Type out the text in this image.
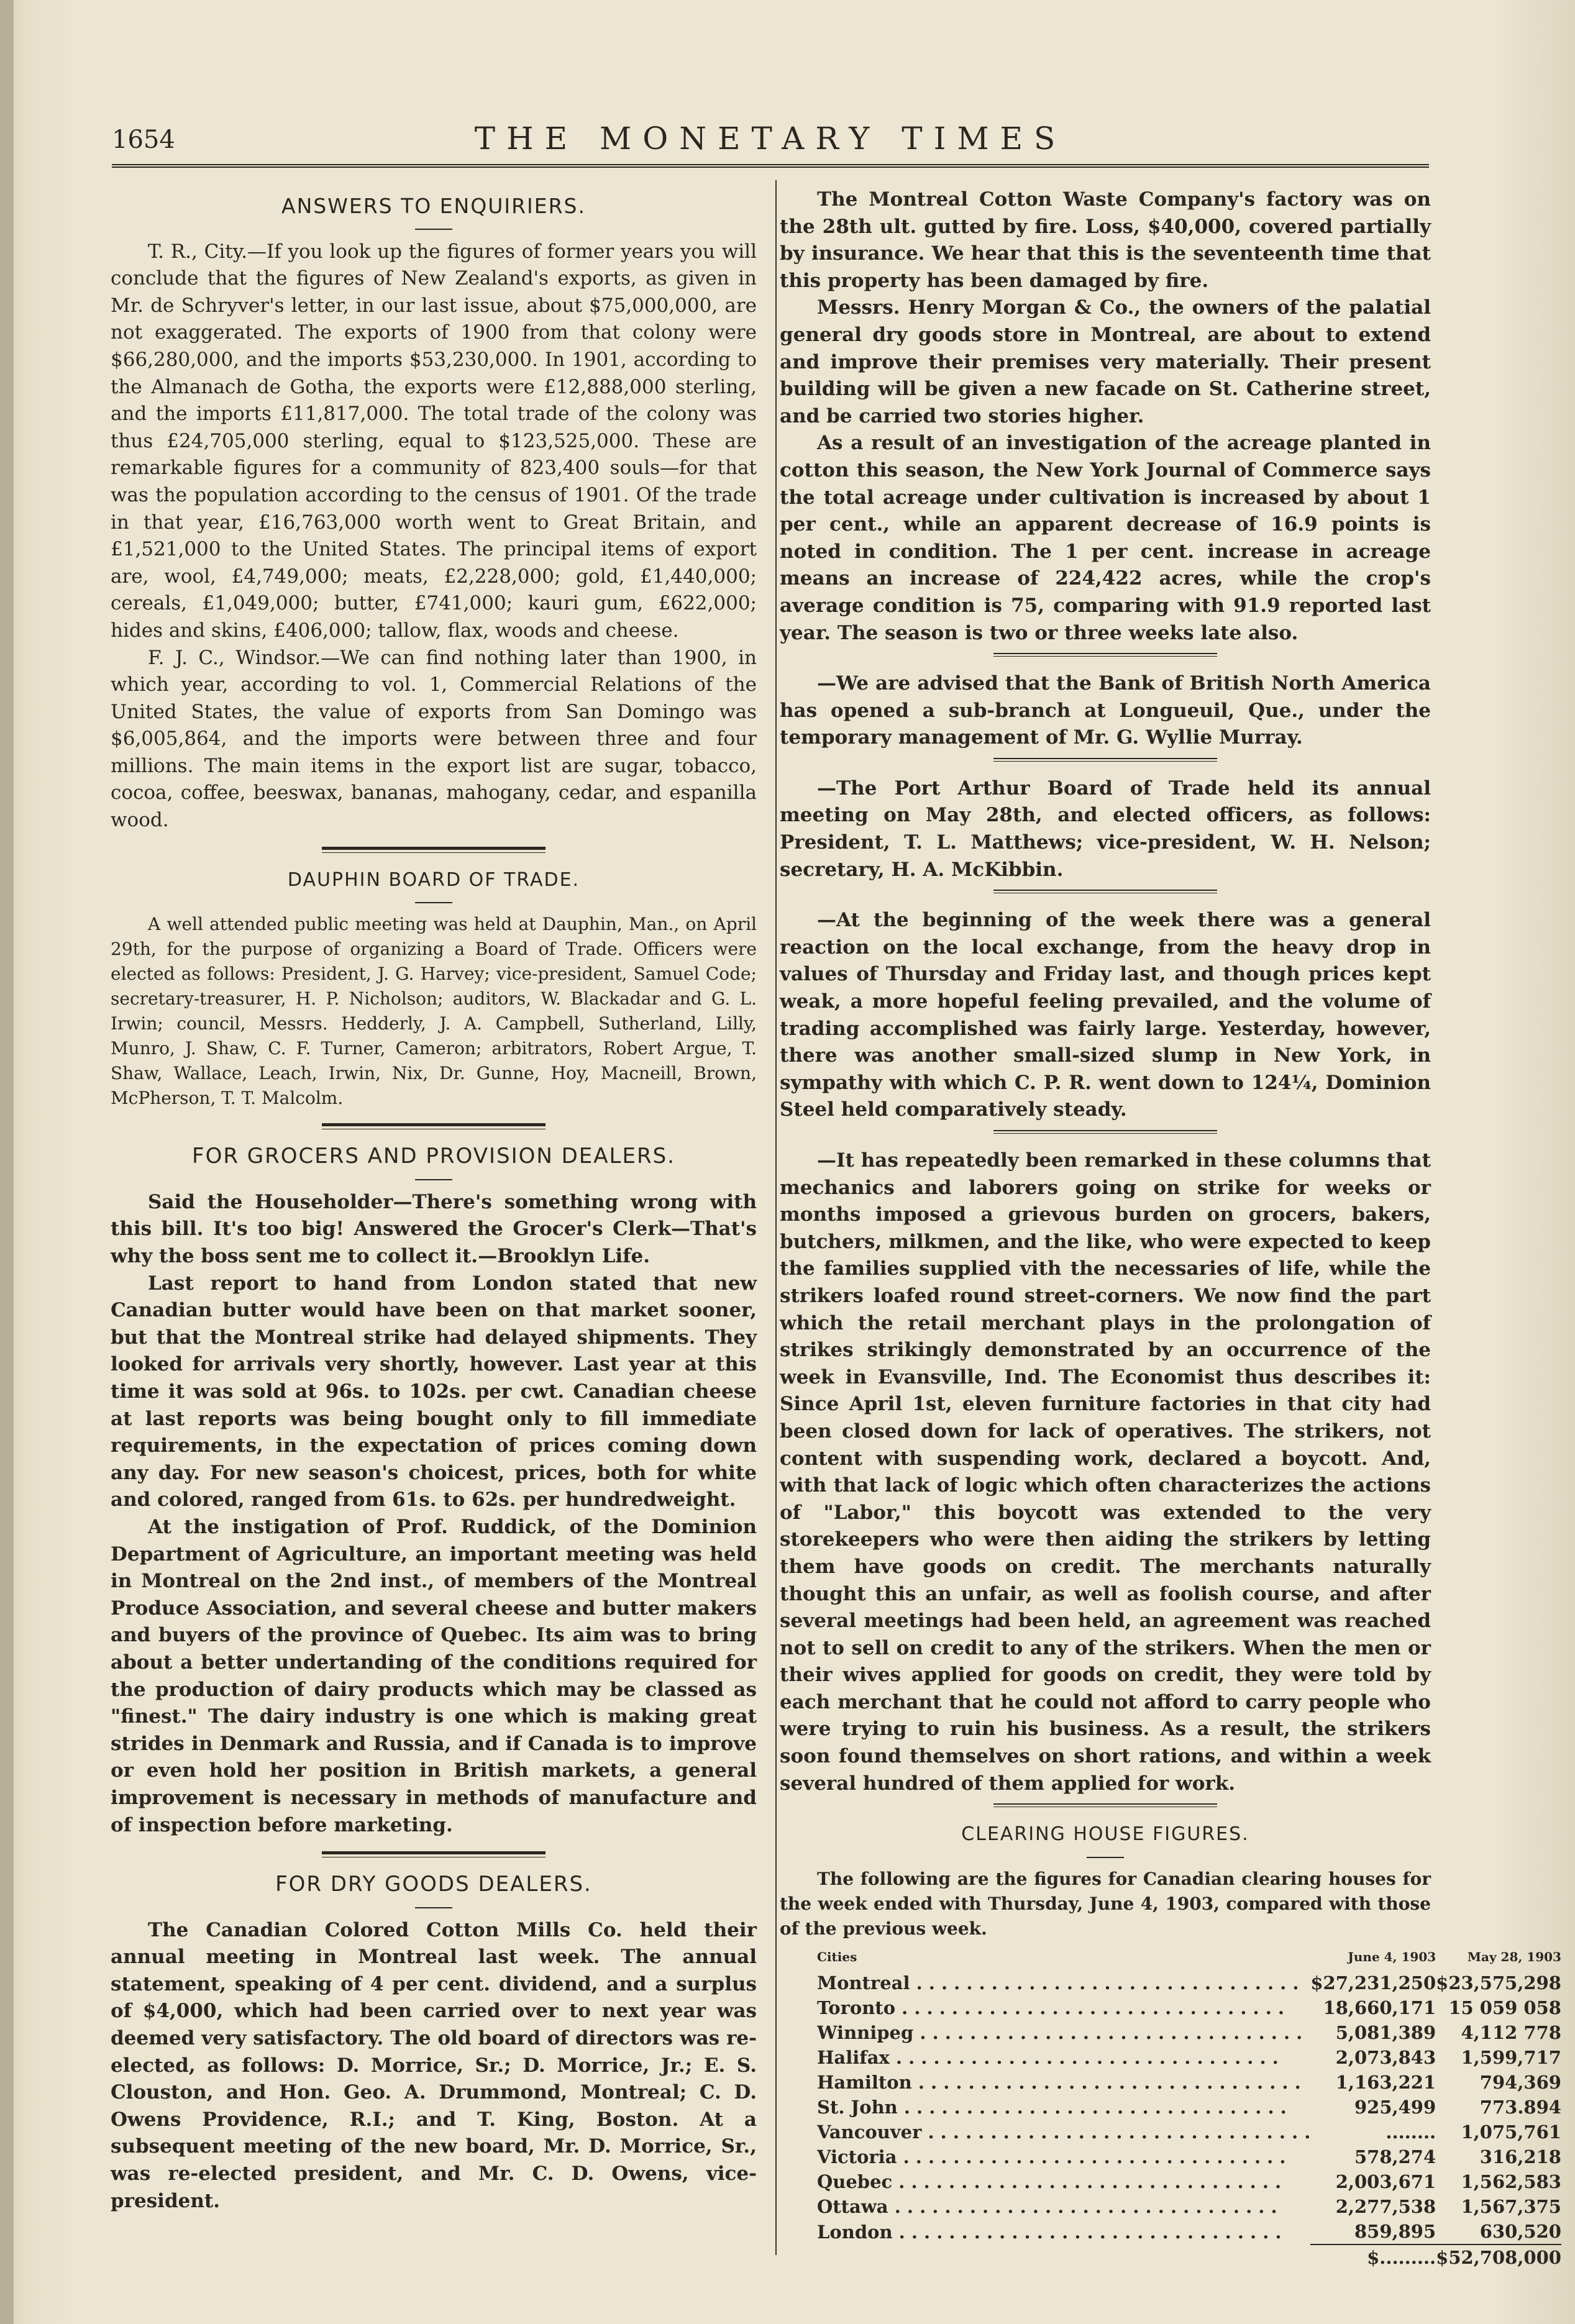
1654	THE MONETARY TIMES
ANSWERS TO ENQUIRIERS.

T. R., City.—If you look up the figures of former years you will conclude that the figures of New Zealand's exports, as given in Mr. de Schryver's letter, in our last issue, about $75,000,000, are not exaggerated. The exports of 1900 from that colony were $66,280,000, and the imports $53,230,000. In 1901, according to the Almanach de Gotha, the exports were £12,888,000 sterling, and the imports £11,817,000. The total trade of the colony was thus £24,705,000 sterling, equal to $123,525,000. These are remarkable figures for a community of 823,400 souls—for that was the population according to the census of 1901. Of the trade in that year, £16,763,000 worth went to Great Britain, and £1,521,000 to the United States. The principal items of export are, wool, £4,749,000; meats, £2,228,000; gold, £1,440,000; cereals, £1,049,000; butter, £741,000; kauri gum, £622,000; hides and skins, £406,000; tallow, flax, woods and cheese.

F. J. C., Windsor.—We can find nothing later than 1900, in which year, according to vol. 1, Commercial Relations of the United States, the value of exports from San Domingo was $6,005,864, and the imports were between three and four millions. The main items in the export list are sugar, tobacco, cocoa, coffee, beeswax, bananas, mahogany, cedar, and espanilla wood.

DAUPHIN BOARD OF TRADE.

A well attended public meeting was held at Dauphin, Man., on April 29th, for the purpose of organizing a Board of Trade. Officers were elected as follows: President, J. G. Harvey; vice-president, Samuel Code; secretary-treasurer, H. P. Nicholson; auditors, W. Blackadar and G. L. Irwin; council, Messrs. Hedderly, J. A. Campbell, Sutherland, Lilly, Munro, J. Shaw, C. F. Turner, Cameron; arbitrators, Robert Argue, T. Shaw, Wallace, Leach, Irwin, Nix, Dr. Gunne, Hoy, Macneill, Brown, McPherson, T. T. Malcolm.

FOR GROCERS AND PROVISION DEALERS.

Said the Householder—There's something wrong with this bill. It's too big! Answered the Grocer's Clerk—That's why the boss sent me to collect it.—Brooklyn Life.

Last report to hand from London stated that new Canadian butter would have been on that market sooner, but that the Montreal strike had delayed shipments. They looked for arrivals very shortly, however. Last year at this time it was sold at 96s. to 102s. per cwt. Canadian cheese at last reports was being bought only to fill immediate requirements, in the expectation of prices coming down any day. For new season's choicest, prices, both for white and colored, ranged from 61s. to 62s. per hundredweight.

At the instigation of Prof. Ruddick, of the Dominion Department of Agriculture, an important meeting was held in Montreal on the 2nd inst., of members of the Montreal Produce Association, and several cheese and butter makers and buyers of the province of Quebec. Its aim was to bring about a better undertanding of the conditions required for the production of dairy products which may be classed as "finest." The dairy industry is one which is making great strides in Denmark and Russia, and if Canada is to improve or even hold her position in British markets, a general improvement is necessary in methods of manufacture and of inspection before marketing.

FOR DRY GOODS DEALERS.

The Canadian Colored Cotton Mills Co. held their annual meeting in Montreal last week. The annual statement, speaking of 4 per cent. dividend, and a surplus of $4,000, which had been carried over to next year was deemed very satisfactory. The old board of directors was re-elected, as follows: D. Morrice, Sr.; D. Morrice, Jr.; E. S. Clouston, and Hon. Geo. A. Drummond, Montreal; C. D. Owens Providence, R.I.; and T. King, Boston. At a subsequent meeting of the new board, Mr. D. Morrice, Sr., was re-elected president, and Mr. C. D. Owens, vice-president.

The Montreal Cotton Waste Company's factory was on the 28th ult. gutted by fire. Loss, $40,000, covered partially by insurance. We hear that this is the seventeenth time that this property has been damaged by fire.

Messrs. Henry Morgan & Co., the owners of the palatial general dry goods store in Montreal, are about to extend and improve their premises very materially. Their present building will be given a new facade on St. Catherine street, and be carried two stories higher.

As a result of an investigation of the acreage planted in cotton this season, the New York Journal of Commerce says the total acreage under cultivation is increased by about 1 per cent., while an apparent decrease of 16.9 points is noted in condition. The 1 per cent. increase in acreage means an increase of 224,422 acres, while the crop's average condition is 75, comparing with 91.9 reported last year. The season is two or three weeks late also.

—We are advised that the Bank of British North America has opened a sub-branch at Longueuil, Que., under the temporary management of Mr. G. Wyllie Murray.

—The Port Arthur Board of Trade held its annual meeting on May 28th, and elected officers, as follows: President, T. L. Matthews; vice-president, W. H. Nelson; secretary, H. A. McKibbin.

—At the beginning of the week there was a general reaction on the local exchange, from the heavy drop in values of Thursday and Friday last, and though prices kept weak, a more hopeful feeling prevailed, and the volume of trading accomplished was fairly large. Yesterday, however, there was another small-sized slump in New York, in sympathy with which C. P. R. went down to 124¼, Dominion Steel held comparatively steady.

—It has repeatedly been remarked in these columns that mechanics and laborers going on strike for weeks or months imposed a grievous burden on grocers, bakers, butchers, milkmen, and the like, who were expected to keep the families supplied vith the necessaries of life, while the strikers loafed round street-corners. We now find the part which the retail merchant plays in the prolongation of strikes strikingly demonstrated by an occurrence of the week in Evansville, Ind. The Economist thus describes it: Since April 1st, eleven furniture factories in that city had been closed down for lack of operatives. The strikers, not content with suspending work, declared a boycott. And, with that lack of logic which often characterizes the actions of "Labor," this boycott was extended to the very storekeepers who were then aiding the strikers by letting them have goods on credit. The merchants naturally thought this an unfair, as well as foolish course, and after several meetings had been held, an agreement was reached not to sell on credit to any of the strikers. When the men or their wives applied for goods on credit, they were told by each merchant that he could not afford to carry people who were trying to ruin his business. As a result, the strikers soon found themselves on short rations, and within a week several hundred of them applied for work.

CLEARING HOUSE FIGURES.

The following are the figures for Canadian clearing houses for the week ended with Thursday, June 4, 1903, compared with those of the previous week.

Cities	June 4, 1903	May 28, 1903
Montreal . . .	$27,231,250	$23,575,298
Toronto . . .	18,660,171	15 059 058
Winnipeg . . .	5,081,389	4,112 778
Halifax . . .	2,073,843	1,599,717
Hamilton . . .	1,163,221	794,369
St. John . . .	925,499	773.894
Vancouver . . .	........	1,075,761
Victoria . . .	578,274	316,218
Quebec . . .	2,003,671	1,562,583
Ottawa . . .	2,277,538	1,567,375
London . . .	859,895	630,520
	$.........	$52,708,000
